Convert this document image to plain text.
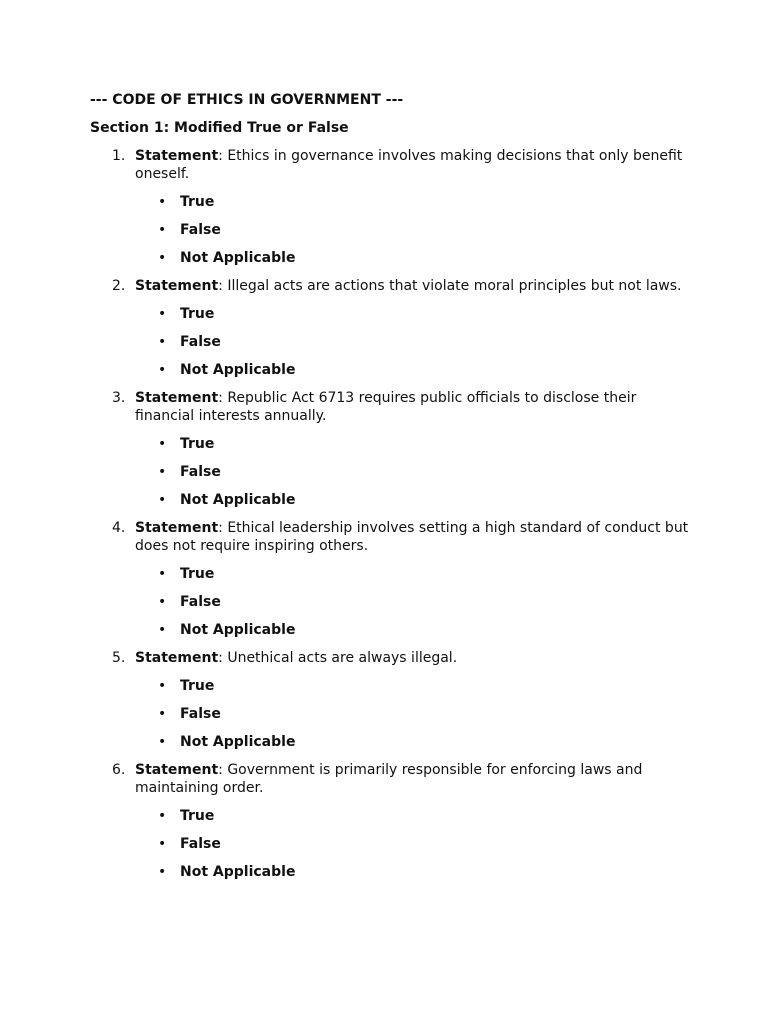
--- CODE OF ETHICS IN GOVERNMENT ---
Section 1: Modified True or False
1. Statement: Ethics in governance involves making decisions that only benefit oneself.
• True
• False
• Not Applicable
2. Statement: Illegal acts are actions that violate moral principles but not laws.
• True
• False
• Not Applicable
3. Statement: Republic Act 6713 requires public officials to disclose their financial interests annually.
• True
• False
• Not Applicable
4. Statement: Ethical leadership involves setting a high standard of conduct but does not require inspiring others.
• True
• False
• Not Applicable
5. Statement: Unethical acts are always illegal.
• True
• False
• Not Applicable
6. Statement: Government is primarily responsible for enforcing laws and maintaining order.
• True
• False
• Not Applicable
